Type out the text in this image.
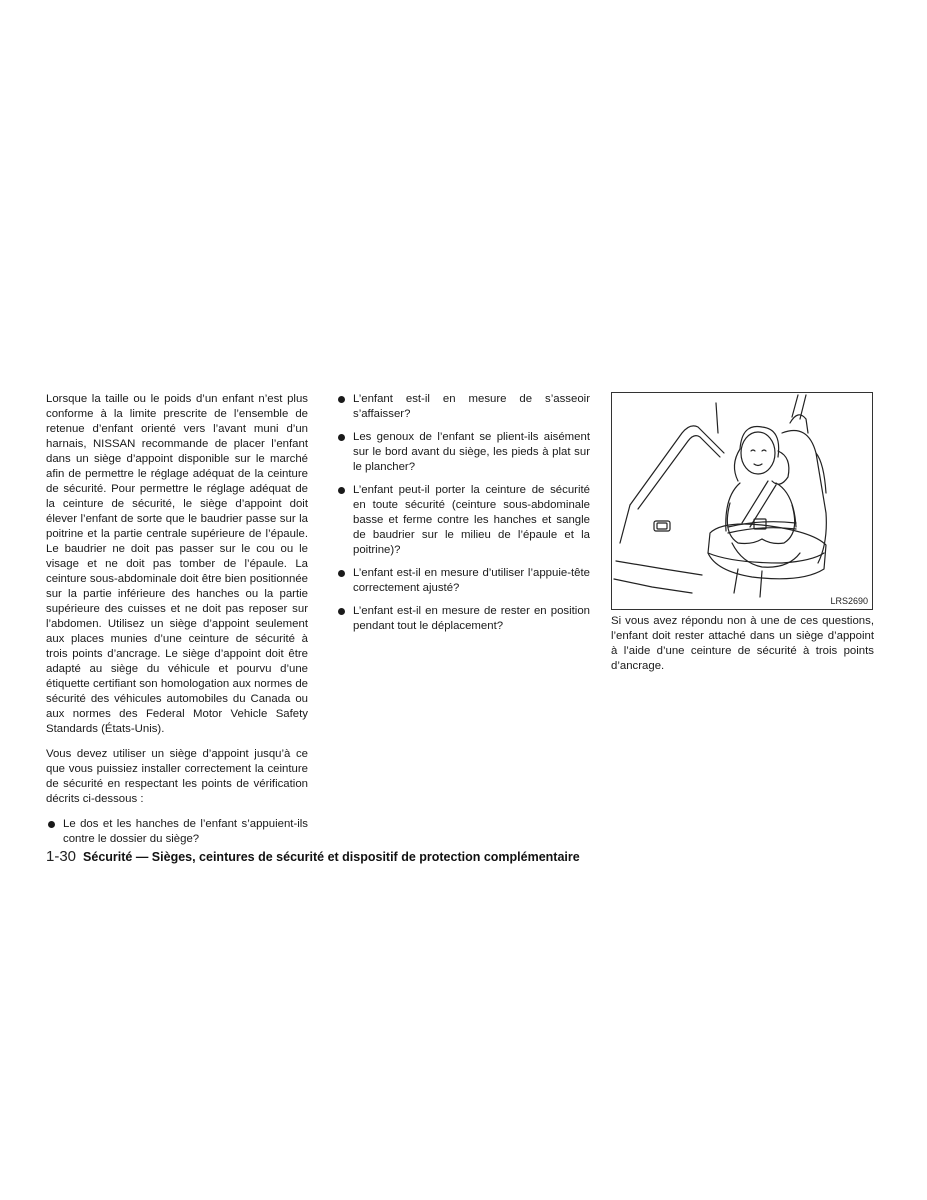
Lorsque la taille ou le poids d’un enfant n’est plus conforme à la limite prescrite de l’ensemble de retenue d’enfant orienté vers l’avant muni d’un harnais, NISSAN recommande de placer l’enfant dans un siège d’appoint disponible sur le marché afin de permettre le réglage adéquat de la ceinture de sécurité. Pour permettre le réglage adéquat de la ceinture de sécurité, le siège d’appoint doit élever l’enfant de sorte que le baudrier passe sur la poitrine et la partie centrale supérieure de l’épaule. Le baudrier ne doit pas passer sur le cou ou le visage et ne doit pas tomber de l’épaule. La ceinture sous-abdominale doit être bien positionnée sur la partie inférieure des hanches ou la partie supérieure des cuisses et ne doit pas reposer sur l’abdomen. Utilisez un siège d’appoint seulement aux places munies d’une ceinture de sécurité à trois points d’ancrage. Le siège d’appoint doit être adapté au siège du véhicule et pourvu d’une étiquette certifiant son homologation aux normes de sécurité des véhicules automobiles du Canada ou aux normes des Federal Motor Vehicle Safety Standards (États-Unis).

Vous devez utiliser un siège d’appoint jusqu’à ce que vous puissiez installer correctement la ceinture de sécurité en respectant les points de vérification décrits ci-dessous :

Le dos et les hanches de l’enfant s’appuient-ils contre le dossier du siège?
L’enfant est-il en mesure de s’asseoir s’affaisser?
Les genoux de l’enfant se plient-ils aisément sur le bord avant du siège, les pieds à plat sur le plancher?
L’enfant peut-il porter la ceinture de sécurité en toute sécurité (ceinture sous-abdominale basse et ferme contre les hanches et sangle de baudrier sur le milieu de l’épaule et la poitrine)?
L’enfant est-il en mesure d’utiliser l’appuie-tête correctement ajusté?
L’enfant est-il en mesure de rester en position pendant tout le déplacement?
LRS2690

Si vous avez répondu non à une de ces questions, l’enfant doit rester attaché dans un siège d’appoint à l’aide d’une ceinture de sécurité à trois points d’ancrage.

1-30 Sécurité — Sièges, ceintures de sécurité et dispositif de protection complémentaire
